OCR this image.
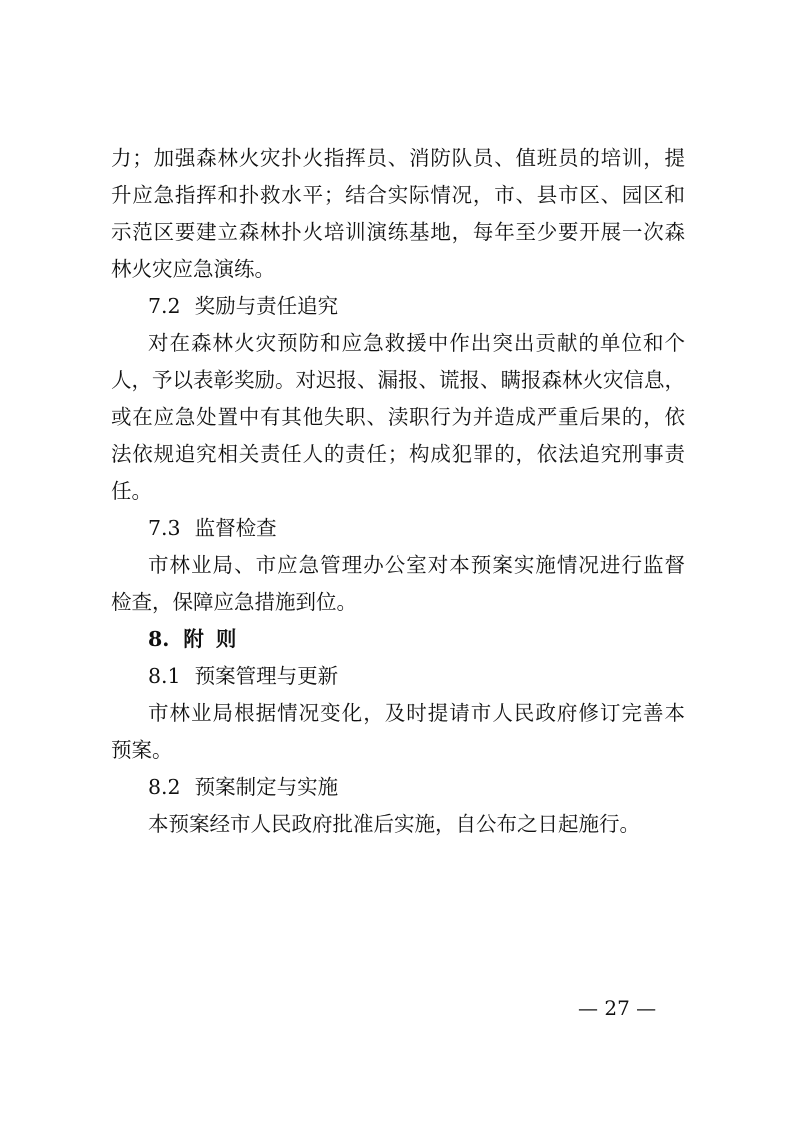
力；加强森林火灾扑火指挥员、消防队员、值班员的培训，提
升应急指挥和扑救水平；结合实际情况，市、县市区、园区和
示范区要建立森林扑火培训演练基地，每年至少要开展一次森
林火灾应急演练。
7.2 奖励与责任追究
对在森林火灾预防和应急救援中作出突出贡献的单位和个
人，予以表彰奖励。对迟报、漏报、谎报、瞒报森林火灾信息，
或在应急处置中有其他失职、渎职行为并造成严重后果的，依
法依规追究相关责任人的责任；构成犯罪的，依法追究刑事责
任。
7.3 监督检查
市林业局、市应急管理办公室对本预案实施情况进行监督
检查，保障应急措施到位。
8. 附则
8.1 预案管理与更新
市林业局根据情况变化，及时提请市人民政府修订完善本
预案。
8.2 预案制定与实施
本预案经市人民政府批准后实施，自公布之日起施行。
— 27 —
